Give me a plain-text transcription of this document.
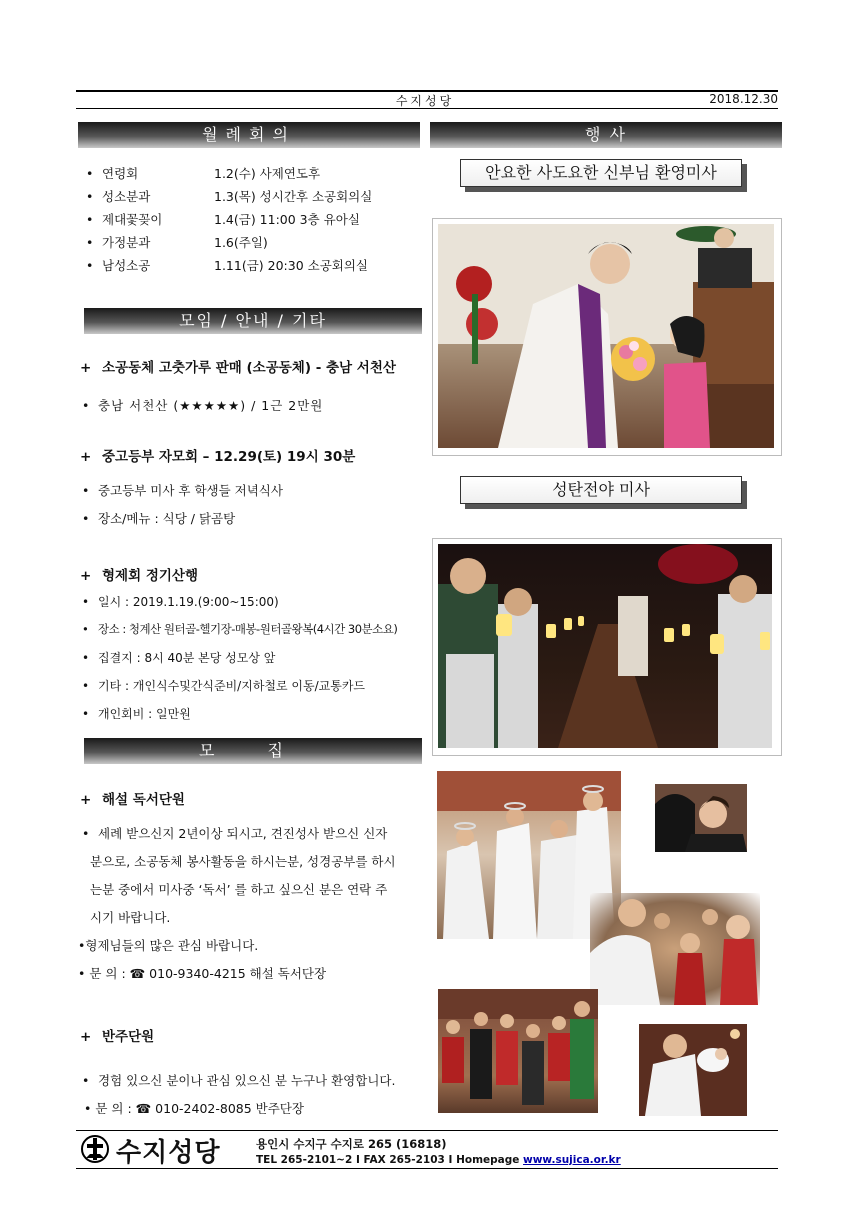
수지성당	2018.12.30
월례회의
• 연령회	1.2(수) 사제연도후
• 성소분과	1.3(목) 성시간후 소공회의실
• 제대꽃꽂이	1.4(금) 11:00 3층 유아실
• 가정분과	1.6(주일)
• 남성소공	1.11(금) 20:30 소공회의실
모임 / 안내 / 기타
+ 소공동체 고춧가루 판매 (소공동체) - 충남 서천산
• 충남 서천산 (★★★★★) / 1근 2만원
+ 중고등부 자모회 – 12.29(토) 19시 30분
• 중고등부 미사 후 학생들 저녁식사
• 장소/메뉴 : 식당 / 닭곰탕
+ 형제회 정기산행
• 일시 : 2019.1.19.(9:00~15:00)
• 장소 : 청계산 원터골-헬기장-매봉-원터골왕복(4시간 30분소요)
• 집결지 : 8시 40분 본당 성모상 앞
• 기타 : 개인식수및간식준비/지하철로 이동/교통카드
• 개인회비 : 일만원
모 집
+ 해설 독서단원
• 세례 받으신지 2년이상 되시고, 견진성사 받으신 신자
분으로, 소공동체 봉사활동을 하시는분, 성경공부를 하시
는분 중에서 미사중 ‘독서’ 를 하고 싶으신 분은 연락 주
시기 바랍니다.
•형제님들의 많은 관심 바랍니다.
• 문 의 : ☎ 010-9340-4215 해설 독서단장
+ 반주단원
• 경험 있으신 분이나 관심 있으신 분 누구나 환영합니다.
• 문 의 : ☎ 010-2402-8085 반주단장
행 사
안요한 사도요한 신부님 환영미사
성탄전야 미사
수지성당	용인시 수지구 수지로 265 (16818)
TEL 265-2101~2 I FAX 265-2103 I Homepage www.sujica.or.kr
